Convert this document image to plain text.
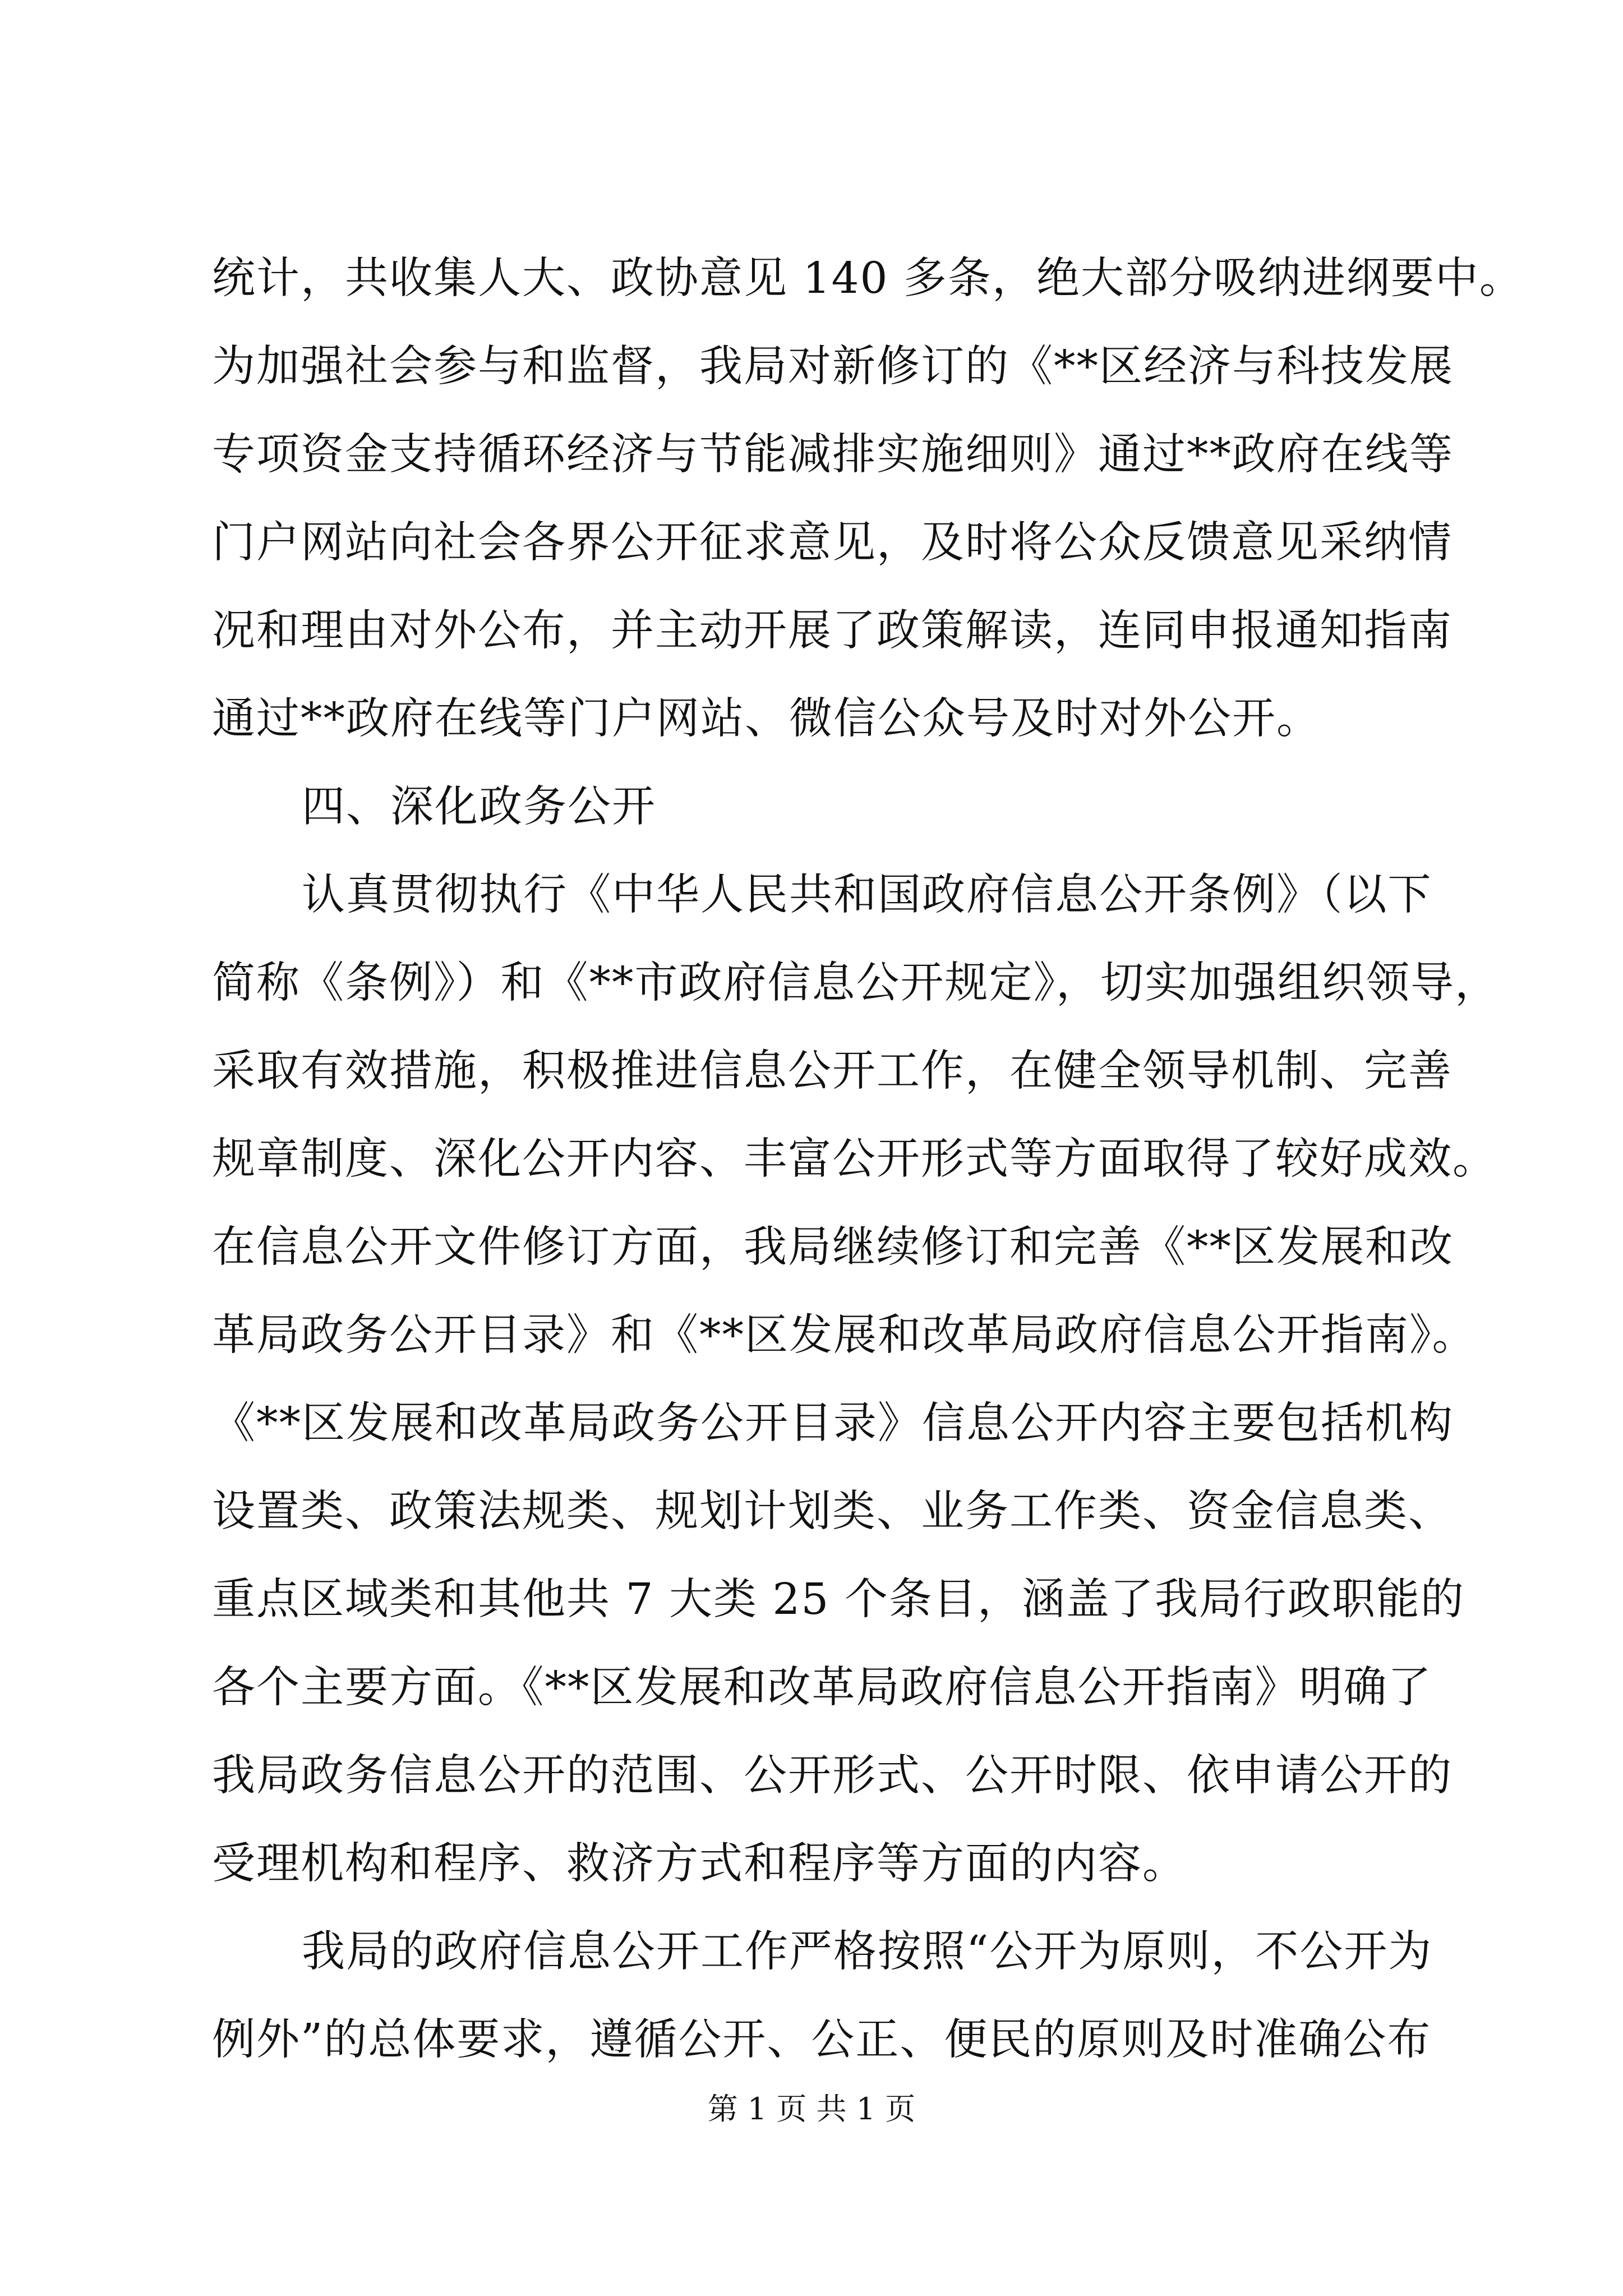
统计，共收集人大、政协意见 140 多条，绝大部分吸纳进纲要中。
为加强社会参与和监督，我局对新修订的《**区经济与科技发展
专项资金支持循环经济与节能减排实施细则》通过**政府在线等
门户网站向社会各界公开征求意见，及时将公众反馈意见采纳情
况和理由对外公布，并主动开展了政策解读，连同申报通知指南
通过**政府在线等门户网站、微信公众号及时对外公开。
四、深化政务公开
认真贯彻执行《中华人民共和国政府信息公开条例》（以下
简称《条例》）和《**市政府信息公开规定》，切实加强组织领导，
采取有效措施，积极推进信息公开工作，在健全领导机制、完善
规章制度、深化公开内容、丰富公开形式等方面取得了较好成效。
在信息公开文件修订方面，我局继续修订和完善《**区发展和改
革局政务公开目录》和《**区发展和改革局政府信息公开指南》。
《**区发展和改革局政务公开目录》信息公开内容主要包括机构
设置类、政策法规类、规划计划类、业务工作类、资金信息类、
重点区域类和其他共 7 大类 25 个条目，涵盖了我局行政职能的
各个主要方面。《**区发展和改革局政府信息公开指南》明确了
我局政务信息公开的范围、公开形式、公开时限、依申请公开的
受理机构和程序、救济方式和程序等方面的内容。
我局的政府信息公开工作严格按照“公开为原则，不公开为
例外”的总体要求，遵循公开、公正、便民的原则及时准确公布
第 1 页 共 1 页
